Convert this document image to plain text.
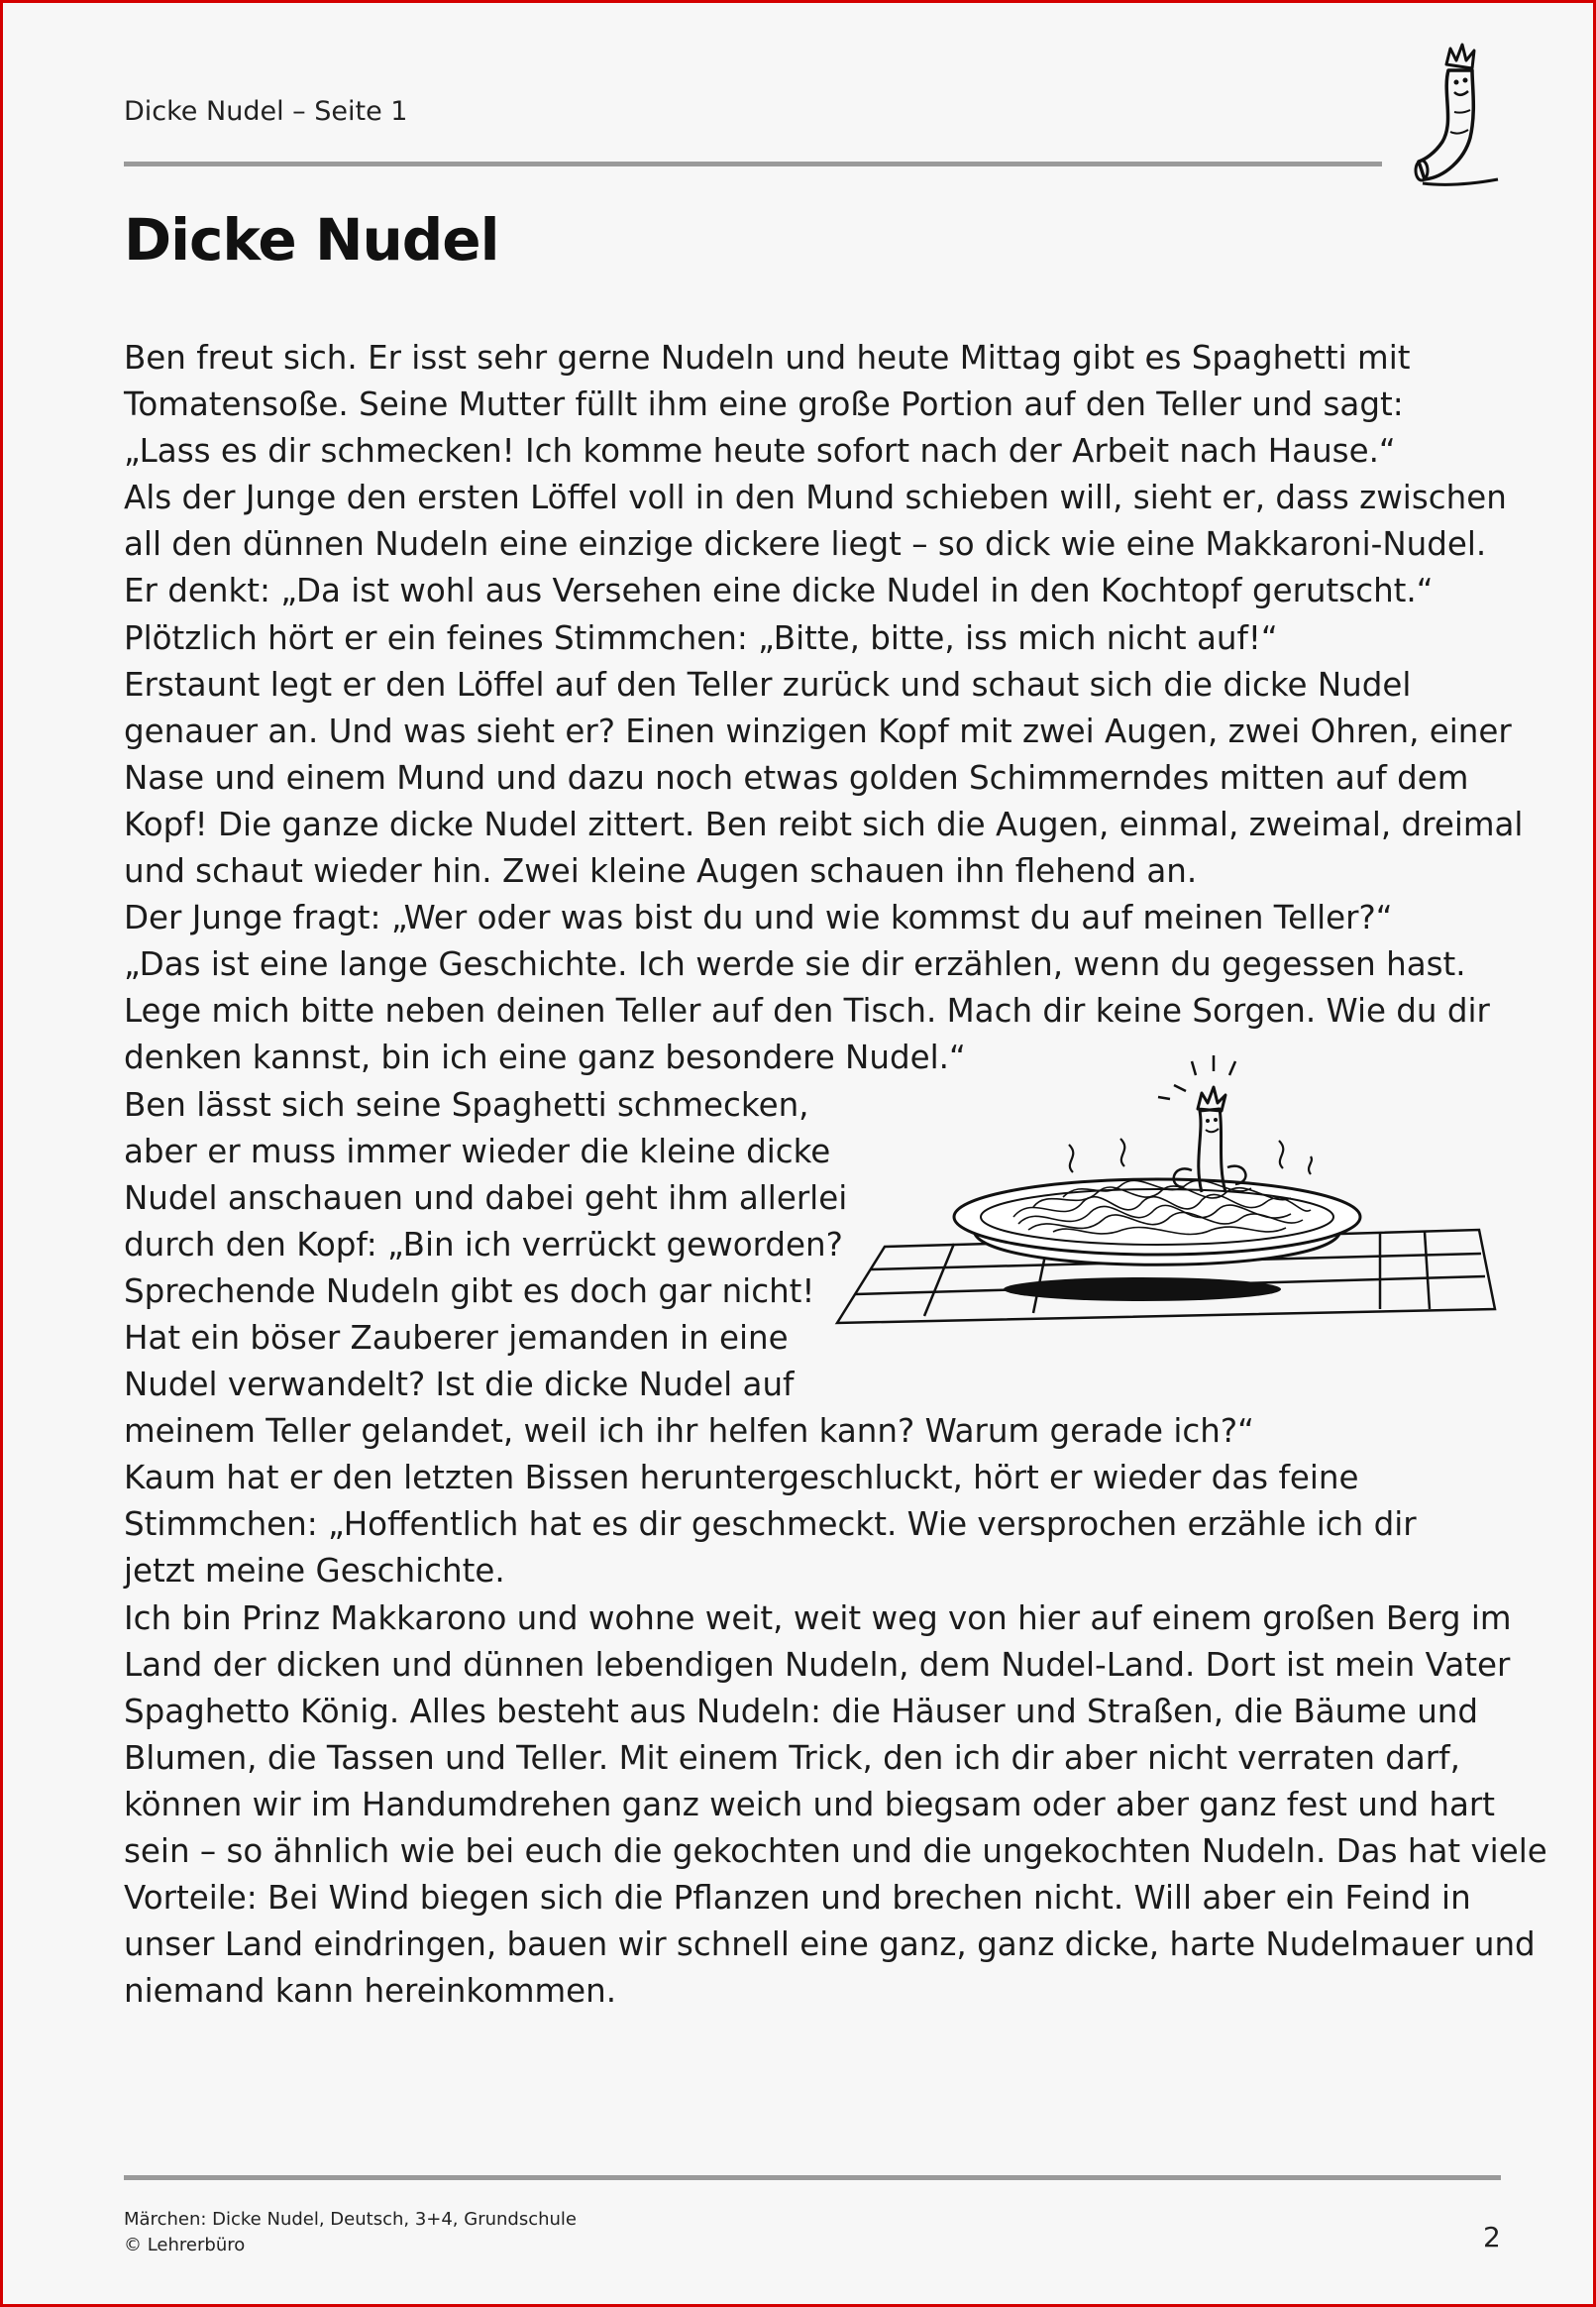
Dicke Nudel – Seite 1
Dicke Nudel
Ben freut sich. Er isst sehr gerne Nudeln und heute Mittag gibt es Spaghetti mit
Tomatensoße. Seine Mutter füllt ihm eine große Portion auf den Teller und sagt:
„Lass es dir schmecken! Ich komme heute sofort nach der Arbeit nach Hause.“
Als der Junge den ersten Löffel voll in den Mund schieben will, sieht er, dass zwischen
all den dünnen Nudeln eine einzige dickere liegt – so dick wie eine Makkaroni-Nudel.
Er denkt: „Da ist wohl aus Versehen eine dicke Nudel in den Kochtopf gerutscht.“
Plötzlich hört er ein feines Stimmchen: „Bitte, bitte, iss mich nicht auf!“
Erstaunt legt er den Löffel auf den Teller zurück und schaut sich die dicke Nudel
genauer an. Und was sieht er? Einen winzigen Kopf mit zwei Augen, zwei Ohren, einer
Nase und einem Mund und dazu noch etwas golden Schimmerndes mitten auf dem
Kopf! Die ganze dicke Nudel zittert. Ben reibt sich die Augen, einmal, zweimal, dreimal
und schaut wieder hin. Zwei kleine Augen schauen ihn flehend an.
Der Junge fragt: „Wer oder was bist du und wie kommst du auf meinen Teller?“
„Das ist eine lange Geschichte. Ich werde sie dir erzählen, wenn du gegessen hast.
Lege mich bitte neben deinen Teller auf den Tisch. Mach dir keine Sorgen. Wie du dir
denken kannst, bin ich eine ganz besondere Nudel.“
Ben lässt sich seine Spaghetti schmecken,
aber er muss immer wieder die kleine dicke
Nudel anschauen und dabei geht ihm allerlei
durch den Kopf: „Bin ich verrückt geworden?
Sprechende Nudeln gibt es doch gar nicht!
Hat ein böser Zauberer jemanden in eine
Nudel verwandelt? Ist die dicke Nudel auf
meinem Teller gelandet, weil ich ihr helfen kann? Warum gerade ich?“
Kaum hat er den letzten Bissen heruntergeschluckt, hört er wieder das feine
Stimmchen: „Hoffentlich hat es dir geschmeckt. Wie versprochen erzähle ich dir
jetzt meine Geschichte.
Ich bin Prinz Makkarono und wohne weit, weit weg von hier auf einem großen Berg im
Land der dicken und dünnen lebendigen Nudeln, dem Nudel-Land. Dort ist mein Vater
Spaghetto König. Alles besteht aus Nudeln: die Häuser und Straßen, die Bäume und
Blumen, die Tassen und Teller. Mit einem Trick, den ich dir aber nicht verraten darf,
können wir im Handumdrehen ganz weich und biegsam oder aber ganz fest und hart
sein – so ähnlich wie bei euch die gekochten und die ungekochten Nudeln. Das hat viele
Vorteile: Bei Wind biegen sich die Pflanzen und brechen nicht. Will aber ein Feind in
unser Land eindringen, bauen wir schnell eine ganz, ganz dicke, harte Nudelmauer und
niemand kann hereinkommen.
Märchen: Dicke Nudel, Deutsch, 3+4, Grundschule
© Lehrerbüro	2
